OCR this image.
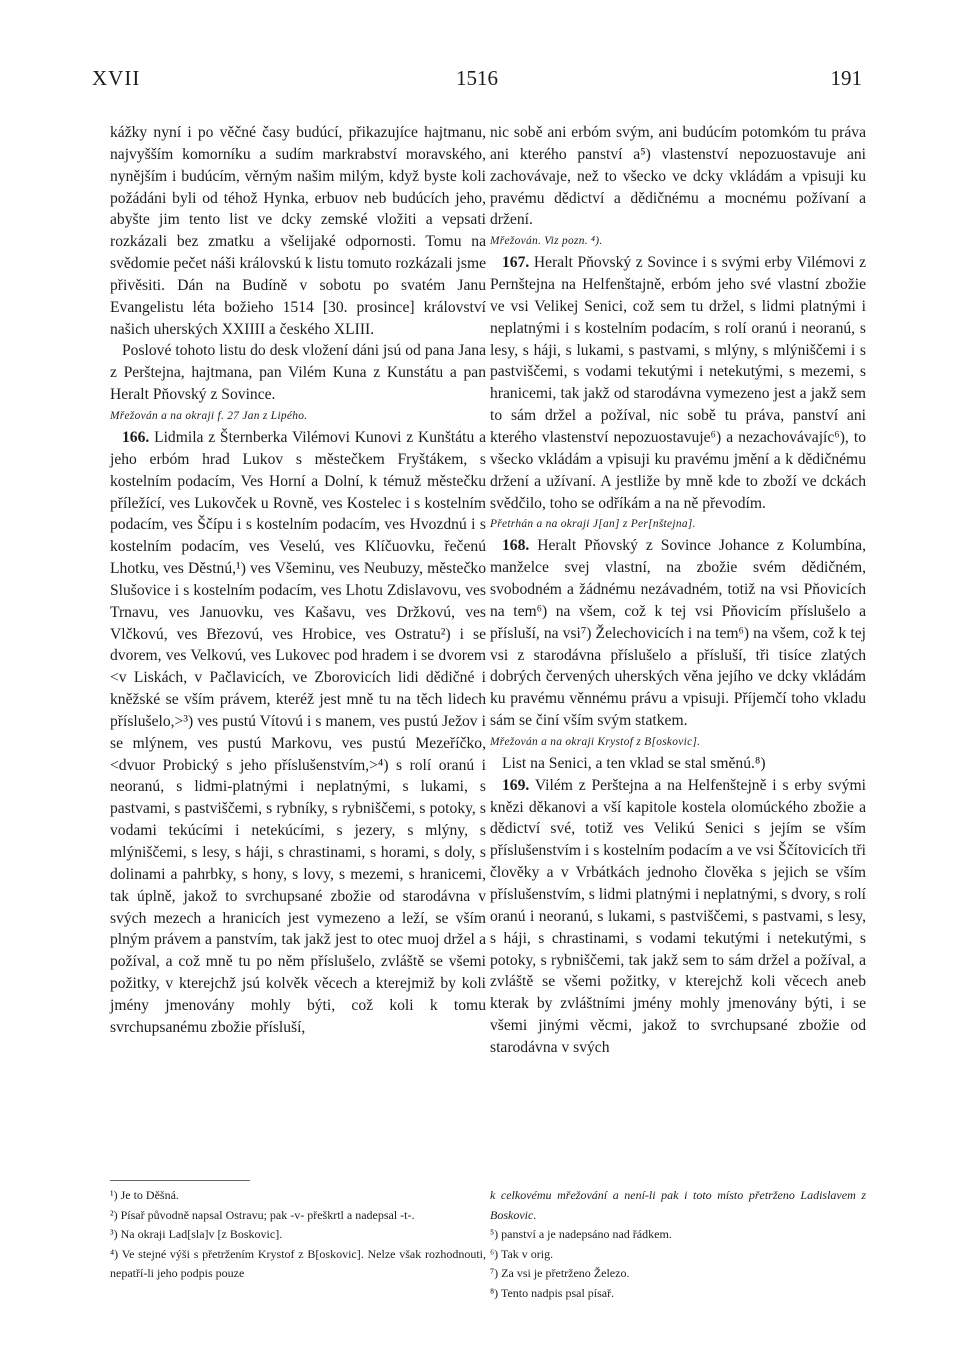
XVII	1516	191

kážky nyní i po věčné časy budúcí, přikazujíce hajtmanu, najvyšším komorníku a sudím markrabství moravského, nynějším i budúcím, věrným našim milým, když byste koli požádáni byli od téhož Hynka, erbuov neb budúcích jeho, abyšte jim tento list ve dcky zemské vložiti a vepsati rozkázali bez zmatku a všelijaké odpornosti. Tomu na svědomie pečet náši královskú k listu tomuto rozkázali jsme přivěsiti. Dán na Budíně v sobotu po svatém Janu Evangelistu léta božieho 1514 [30. prosince] království našich uherských XXIIII a českého XLIII.

Poslové tohoto listu do desk vložení dáni jsú od pana Jana z Perštejna, hajtmana, pan Vilém Kuna z Kunstátu a pan Heralt Pňovský z Sovince.

Mřežován a na okraji f. 27 Jan z Lipého.

166. Lidmila z Šternberka Vilémovi Kunovi z Kunštátu a jeho erbóm hrad Lukov s městečkem Fryštákem, s kostelním podacím, Ves Horní a Dolní, k témuž městečku příležící, ves Lukovček u Rovně, ves Kostelec i s kostelním podacím, ves Ščípu i s kostelním podacím, ves Hvozdnú i s kostelním podacím, ves Veselú, ves Klíčuovku, řečenú Lhotku, ves Děstnú,¹) ves Všeminu, ves Neubuzy, městečko Slušovice i s kostelním podacím, ves Lhotu Zdislavovu, ves Trnavu, ves Januovku, ves Kašavu, ves Držkovú, ves Vlčkovú, ves Březovú, ves Hrobice, ves Ostratu²) i se dvorem, ves Velkovú, ves Lukovec pod hradem i se dvorem <v Liskách, v Pačlavicích, ve Zborovicích lidi dědičné i kněžské se vším právem, kteréž jest mně tu na těch lidech příslušelo,>³) ves pustú Vítovú i s manem, ves pustú Ježov i se mlýnem, ves pustú Markovu, ves pustú Mezeříčko, <dvuor Probický s jeho příslušenstvím,>⁴) s rolí oranú i neoranú, s lidmi-platnými i neplatnými, s lukami, s pastvami, s pastviščemi, s rybníky, s rybniščemi, s potoky, s vodami tekúcími i netekúcími, s jezery, s mlýny, s mlýniščemi, s lesy, s háji, s chrastinami, s horami, s doly, s dolinami a pahrbky, s hony, s lovy, s mezemi, s hranicemi, tak úplně, jakož to svrchupsané zbožie od starodávna v svých mezech a hranicích jest vymezeno a leží, se vším plným právem a panstvím, tak jakž jest to otec muoj držel a požíval, a což mně tu po něm příslušelo, zvláště se všemi požitky, v kterejchž jsú kolvěk věcech a kterejmiž by koli jmény jmenovány mohly býti, což koli k tomu svrchupsanému zbožie přísluší,

nic sobě ani erbóm svým, ani budúcím potomkóm tu práva ani kterého panství a⁵) vlastenství nepozuostavuje ani zachovávaje, než to všecko ve dcky vkládám a vpisuji ku pravému dědictví a dědičnému a mocnému požívaní a držení.

Mřežován. Viz pozn. ⁴).

167. Heralt Pňovský z Sovince i s svými erby Vilémovi z Pernštejna na Helfenštajně, erbóm jeho své vlastní zbožie ve vsi Velikej Senici, což sem tu držel, s lidmi platnými i neplatnými i s kostelním podacím, s rolí oranú i neoranú, s lesy, s háji, s lukami, s pastvami, s mlýny, s mlýniščemi i s pastviščemi, s vodami tekutými i netekutými, s mezemi, s hranicemi, tak jakž od starodávna vymezeno jest a jakž sem to sám držel a požíval, nic sobě tu práva, panství ani kterého vlastenství nepozuostavuje⁶) a nezachovávajíc⁶), to všecko vkládám a vpisuji ku pravému jmění a k dědičnému držení a užívaní. A jestliže by mně kde to zboží ve dckách svědčilo, toho se odříkám a na ně převodím.

Přetrhán a na okraji J[an] z Per[nštejna].

168. Heralt Pňovský z Sovince Johance z Kolumbína, manželce svej vlastní, na zbožie svém dědičném, svobodném a žádnému nezávadném, totiž na vsi Pňovicích na tem⁶) na všem, což k tej vsi Pňovicím příslušelo a přísluší, na vsi⁷) Želechovicích i na tem⁶) na všem, což k tej vsi z starodávna příslušelo a přísluší, tři tisíce zlatých dobrých červených uherských věna jejího ve dcky vkládám ku pravému věnnému právu a vpisuji. Příjemčí toho vkladu sám se činí vším svým statkem.

Mřežován a na okraji Krystof z B[oskovic].

List na Senici, a ten vklad se stal směnú.⁸)

169. Vilém z Perštejna a na Helfenštejně i s erby svými knězi děkanovi a vší kapitole kostela olomúckého zbožie a dědictví své, totiž ves Velikú Senici s jejím se vším příslušenstvím i s kostelním podacím a ve vsi Ščítovicích tři člověky a v Vrbátkách jednoho člověka s jejich se vším příslušenstvím, s lidmi platnými i neplatnými, s dvory, s rolí oranú i neoranú, s lukami, s pastviščemi, s pastvami, s lesy, s háji, s chrastinami, s vodami tekutými i netekutými, s potoky, s rybniščemi, tak jakž sem to sám držel a požíval, a zvláště se všemi požitky, v kterejchž koli věcech aneb kterak by zvláštními jmény mohly jmenovány býti, i se všemi jinými věcmi, jakož to svrchupsané zbožie od starodávna v svých

¹) Je to Děšná.

²) Písař původně napsal Ostravu; pak -v- přeškrtl a nadepsal -t-.

³) Na okraji Lad[sla]v [z Boskovic].

⁴) Ve stejné výši s přetržením Krystof z B[oskovic]. Nelze však rozhodnouti, nepatří-li jeho podpis pouze

k celkovému mřežování a není-li pak i toto místo přetrženo Ladislavem z Boskovic.

⁵) panství a je nadepsáno nad řádkem.

⁶) Tak v orig.

⁷) Za vsi je přetrženo Železo.

⁸) Tento nadpis psal písař.
